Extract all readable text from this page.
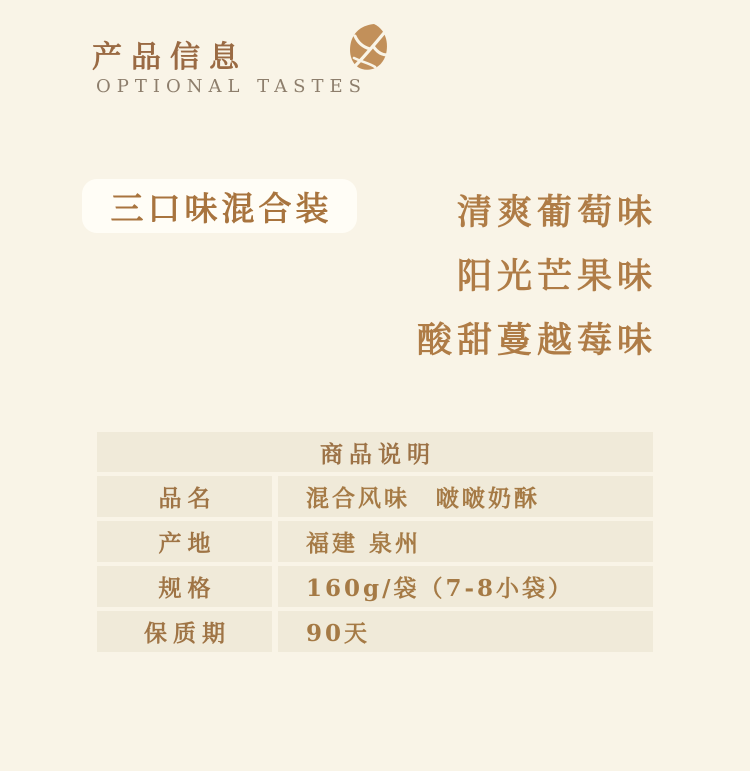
产品信息
OPTIONAL TASTES
三口味混合装	清爽葡萄味
阳光芒果味
酸甜蔓越莓味
商品说明
品名	混合风味　啵啵奶酥
产地	福建 泉州
规格	160g/袋（7-8小袋）
保质期	90天
